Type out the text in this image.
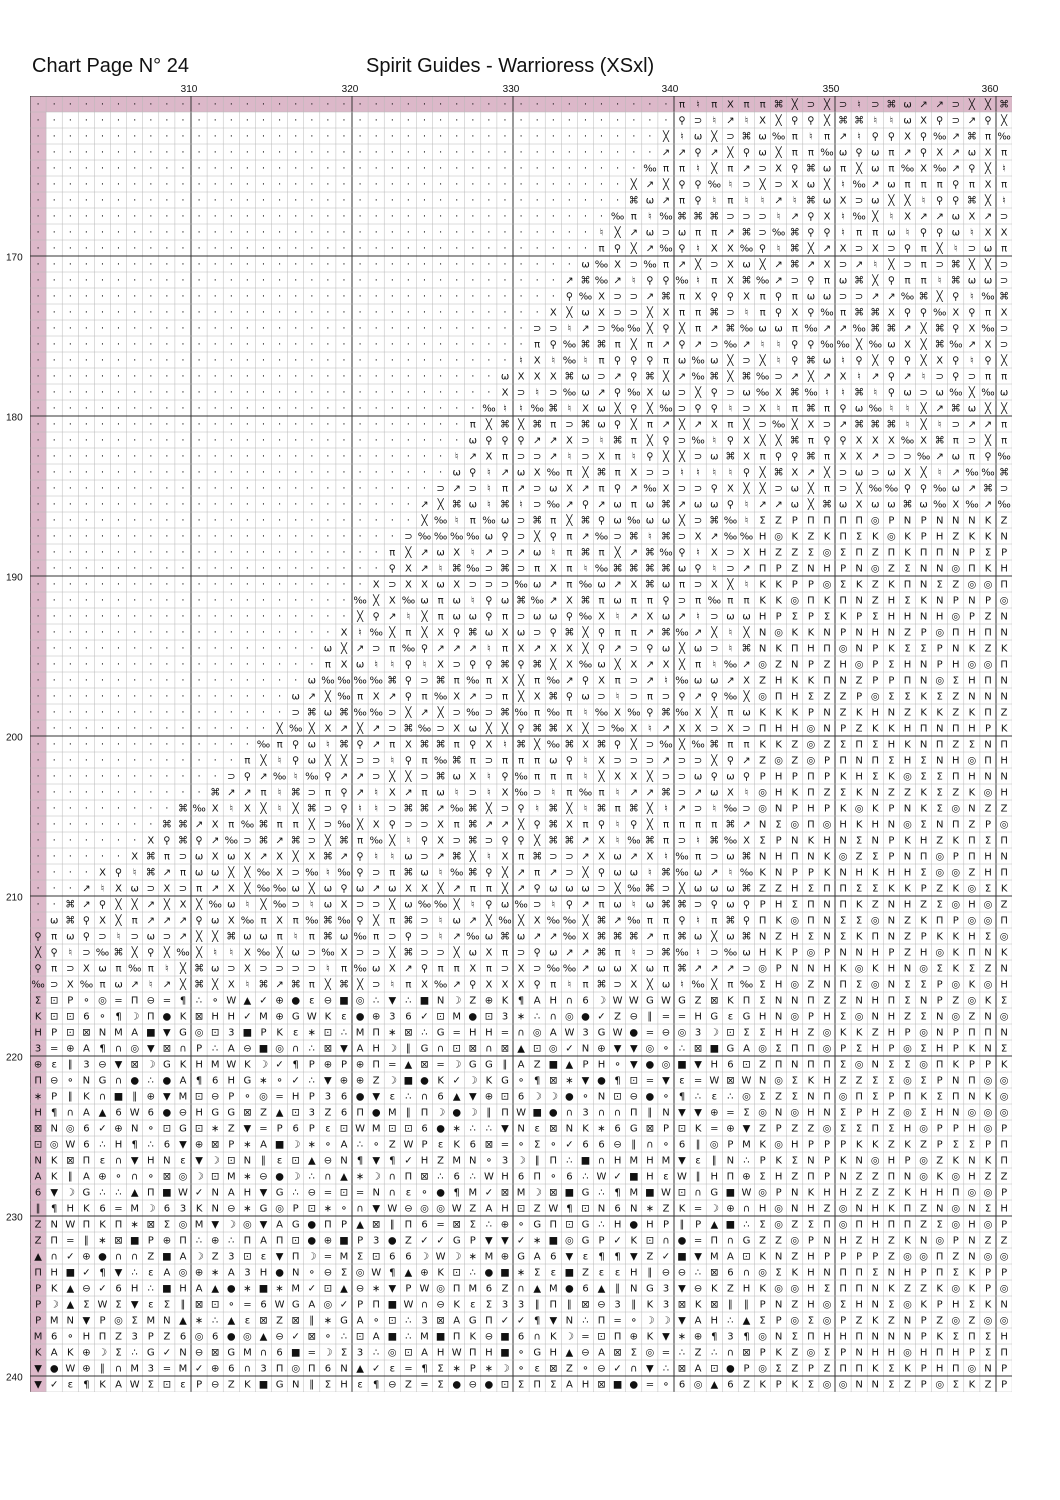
Chart Page N° 24	Spirit Guides - Warrioress (XSxl)
310	320	330	340	350	360
170
180
190
200
210
220
230
240
· · · · · · · · · · · · · · · · · · · · · · · · · · · · · · · · · · · · · · · · π ♮ π Χ π π ⌘ ╳ ⊃ ╳ ⊃ ♮ ⊃ ⌘ ω ↗ ↗ ⊃ ╳ ╳ ⌘
· · · · · · · · · · · · · · · · · · · · · · · · · · · · · · · · · · · · · · · · ⚲ ⊃ ♮ ↗ ♮ Χ ╳ ⚲ ⚲ ╳ ⌘ ⌘ ♮ ♮ ω Χ ⚲ ⊃ ↗ ⚲ ╳
· · · · · · · · · · · · · · · · · · · · · · · · · · · · · · · · · · · · · · · ╳ ♮ ω ╳ ⊃ ⌘ ω ‰ π ♮ π ↗ ♮ ⚲ ⚲ Χ ⚲ ‰ ↗ ⌘ π ‰
· · · · · · · · · · · · · · · · · · · · · · · · · · · · · · · · · · · · · · · ↗ ↗ ⚲ ↗ ╳ ⚲ ω ╳ π π ‰ ω ⚲ ω π ↗ ⚲ Χ ↗ ω Χ π
· · · · · · · · · · · · · · · · · · · · · · · · · · · · · · · · · · · · · · ‰ π π ♮ ╳ π ↗ ⊃ Χ ⚲ ⌘ ω π ╳ ω π ‰ Χ ‰ ↗ ⚲ ╳ ♮
· · · · · · · · · · · · · · · · · · · · · · · · · · · · · · · · · · · · · ╳ ↗ ╳ ⚲ ⚲ ‰ ♮ ⊃ ╳ ⊃ Χ ω ╳ ♮ ‰ ↗ ω π π π ⚲ π Χ π
· · · · · · · · · · · · · · · · · · · · · · · · · · · · · · · · · · · · · ⌘ ω ↗ π ⚲ ♮ π ♮ ♮ ↗ ♮ ⌘ ω Χ ⊃ ω ╳ ╳ ♮ ⚲ ⚲ ⌘ ╳ ♮
· · · · · · · · · · · · · · · · · · · · · · · · · · · · · · · · · · · · ‰ π ♮ ‰ ⌘ ⌘ ⌘ ⊃ ⊃ ⊃ ♮ ↗ ⚲ Χ ♮ ‰ ╳ ♮ Χ ↗ ↗ ω Χ ↗ ⊃
· · · · · · · · · · · · · · · · · · · · · · · · · · · · · · · · · · · ♮ ╳ ↗ ω ⊃ ω π π ↗ ⌘ ⊃ ‰ ⌘ ⚲ ⚲ ♮ π π ω ♮ ⚲ ⚲ ω ♮ Χ Χ
· · · · · · · · · · · · · · · · · · · · · · · · · · · · · · · · · · · π ⚲ ╳ ↗ ‰ ⚲ ♮ Χ Χ ‰ ⚲ ♮ ⌘ ╳ ↗ Χ ⊃ Χ ⊃ ⚲ π ╳ ♮ ⊃ ω π
· · · · · · · · · · · · · · · · · · · · · · · · · · · · · · · · · · ω ‰ Χ ⊃ ‰ π ↗ ╳ ⊃ Χ ω ╳ ↗ ⌘ ↗ Χ ⊃ ↗ ♮ ╳ ⊃ π ⊃ ⌘ ╳ ╳ ⊃
· · · · · · · · · · · · · · · · · · · · · · · · · · · · · · · · · ↗ ⌘ ‰ ↗ ♮ ⚲ ⚲ ‰ ♮ π Χ ⌘ ‰ ↗ ⊃ ⚲ π ω ⌘ ╳ ⚲ π π ♮ ⌘ ω ω ⊃
· · · · · · · · · · · · · · · · · · · · · · · · · · · · · · · · · ⚲ ‰ Χ ⊃ ⊃ ↗ ⌘ π Χ ⚲ ⚲ Χ π ⚲ π ω ω ⊃ ⊃ ↗ ↗ ‰ ⌘ ╳ ⚲ ♮ ‰ ⌘
· · · · · · · · · · · · · · · · · · · · · · · · · · · · · · · · Χ ╳ ω Χ ⊃ ⊃ ╳ Χ π π ⌘ ⊃ ♮ π ⚲ Χ ⚲ ‰ π ⌘ ⌘ Χ ⚲ ⚲ ‰ Χ ⚲ π Χ
· · · · · · · · · · · · · · · · · · · · · · · · · · · · · · · ⊃ ⊃ ♮ ↗ ⊃ ‰ ‰ ╳ ⚲ ╳ π ↗ ⌘ ‰ ω ω π ‰ ↗ ↗ ‰ ⌘ ⌘ ↗ ╳ ⌘ ⚲ Χ ‰ ⊃
· · · · · · · · · · · · · · · · · · · · · · · · · · · · · · · π ⚲ ‰ ⌘ ⌘ π ╳ π ↗ ⚲ ↗ ⊃ ‰ ↗ ♮ ♮ ⚲ ⚲ ‰ ‰ ╳ ‰ ω Χ ╳ ⌘ ‰ ↗ Χ ⊃
· · · · · · · · · · · · · · · · · · · · · · · · · · · · · · ♮ Χ ♮ ‰ ♮ π ⚲ ⚲ ⚲ π ω ‰ ω ╳ ⊃ ╳ ♮ ⚲ ⌘ ω ♮ ⚲ ╳ ⚲ ⚲ ╳ Χ ⚲ ♮ ⚲ ╳
· · · · · · · · · · · · · · · · · · · · · · · · · · · · · ω Χ Χ Χ ⌘ ω ⊃ ↗ ⚲ ⌘ ╳ ↗ ‰ ⌘ ╳ ⌘ ‰ ⊃ ↗ ╳ ↗ Χ ♮ ↗ ⚲ ↗ ♮ ⊃ ⚲ ⊃ π π
· · · · · · · · · · · · · · · · · · · · · · · · · · · · · Χ ⊃ ♮ ⊃ ‰ ω ↗ ⚲ ‰ Χ ω ⊃ ╳ ⚲ ⊃ ω ‰ Χ ⌘ ‰ ♮ ♮ ⌘ ♮ ⚲ ω ⊃ ω ‰ ╳ ‰ ω
· · · · · · · · · · · · · · · · · · · · · · · · · · · · ‰ ♮ ♮ ‰ ⌘ ♮ Χ ω ╳ ⚲ ╳ ‰ ⊃ ⚲ ⚲ ♮ ⊃ Χ ♮ π ⌘ π ⚲ ω ‰ ♮ ♮ ╳ ↗ ⌘ ω ╳ ╳
· · · · · · · · · · · · · · · · · · · · · · · · · · · π ╳ ⌘ ╳ ⌘ π ⊃ ⌘ ω ⚲ ╳ π ↗ ╳ ↗ Χ π ╳ ⊃ ‰ ╳ Χ ⊃ ↗ ⌘ ⌘ ⌘ ♮ ╳ ♮ ⊃ ↗ ↗ π
· · · · · · · · · · · · · · · · · · · · · · · · · · · ω ⚲ ⚲ ⚲ ↗ ↗ Χ ⊃ ♮ ⌘ π ╳ ⚲ ⊃ ‰ ♮ ⚲ Χ ╳ ╳ ⌘ π ⚲ ⚲ Χ Χ Χ ‰ Χ ⌘ π ⊃ ╳ π
· · · · · · · · · · · · · · · · · · · · · · · · · · ♮ ↗ Χ π ⊃ ⊃ ↗ ♮ ⊃ Χ π ♮ ⚲ ╳ ╳ ⊃ ω ⌘ Χ π ⚲ ⚲ ⌘ π Χ Χ ↗ ⊃ ⊃ ‰ ↗ ω π ⚲ ‰
· · · · · · · · · · · · · · · · · · · · · · · · · · ω ⚲ ♮ ↗ ω Χ ‰ π ╳ ⌘ π Χ ⊃ ⊃ ♮ ♮ ♮ ♮ ⚲ ╳ ⌘ Χ ↗ ╳ ⊃ ω ⊃ ω Χ ╳ ♮ ↗ ‰ ‰ ⌘
· · · · · · · · · · · · · · · · · · · · · · · · · ⊃ ↗ ⊃ ♮ π ↗ ⊃ ω Χ ↗ π ⚲ ↗ ‰ Χ ⊃ ⊃ ⚲ Χ ╳ ╳ ⊃ ω ╳ π ⊃ ╳ ‰ ‰ ⚲ ⚲ ‰ ω ↗ ⌘ ⊃
· · · · · · · · · · · · · · · · · · · · · · · · ↗ ╳ ⌘ ω ♮ ⌘ ♮ ⊃ ‰ ↗ ⚲ ↗ ω π ω ⌘ ↗ ω ω ⚲ ♮ ↗ ↗ ω ╳ ⌘ ω Χ ω ω ⌘ ω ‰ Χ ‰ ↗ ‰
· · · · · · · · · · · · · · · · · · · · · · · · ╳ ‰ ♮ π ‰ ω ⊃ ⌘ π ╳ ⌘ ⚲ ω ‰ ω ω ╳ ⊃ ⌘ ‰ ♮ Σ Ζ Ρ Π Π Π Π ◎ Ρ Ν Ρ Ν Ν Ν Κ Ζ
· · · · · · · · · · · · · · · · · · · · · · · ⊃ ‰ ‰ ‰ ‰ ω ⚲ ⊃ ╳ ⚲ π ↗ ‰ ⊃ ⌘ ♮ ⌘ ⊃ Χ ↗ ‰ ‰ Η ◎ Κ Ζ Κ Π Σ Κ ◎ Κ Ρ Η Ζ Κ Κ Ν
· · · · · · · · · · · · · · · · · · · · · · π ╳ ↗ ω Χ ♮ ↗ ⊃ ↗ ω ♮ π ⌘ π ╳ ↗ ⌘ ‰ ⚲ ♮ Χ ⊃ Χ Η Ζ Ζ Σ ◎ Σ Π Ζ Π Κ Π Π Ν Ρ Σ Ρ
· · · · · · · · · · · · · · · · · · · · · · ⚲ Χ ↗ ♮ ⌘ ‰ ⊃ ⌘ ⊃ π Χ π ♮ ‰ ⌘ ⌘ ⌘ ⌘ ω ⚲ ♮ ⊃ ↗ Π Ρ Ζ Ν Η Ρ Ν ◎ Ζ Σ Ν Ν ◎ Π Κ Η
· · · · · · · · · · · · · · · · · · · · · Χ ⊃ Χ Χ ω Χ ⊃ ⊃ ⊃ ‰ ω ↗ π ‰ ω ↗ Χ ⌘ ω π ⊃ Χ ╳ ♮ Κ Κ Ρ Ρ ◎ Σ Κ Ζ Κ Π Ν Σ Ζ ◎ ◎ Π
· · · · · · · · · · · · · · · · · · · · ‰ ╳ Χ ‰ ω π ω ♮ ⚲ ω ⌘ ‰ ↗ Χ ⌘ π ω π π ⚲ ⊃ π ‰ π π Κ Κ ◎ Π Κ Π Ν Ζ Η Σ Κ Ν Ρ Ν Ρ ◎
· · · · · · · · · · · · · · · · · · · · ╳ ⚲ ↗ ♮ ╳ π ω ω ⚲ π ⊃ ω ω ⚲ ‰ Χ ♮ ↗ Χ ω ↗ ♮ ⊃ ω ω Η Ρ Σ Ρ Σ Κ Ρ Σ Η Η Ν Η ◎ Ρ Ζ Ν
· · · · · · · · · · · · · · · · · · · Χ ♮ ‰ ╳ π ╳ Χ ⚲ ⌘ ω Χ ω ⊃ ⚲ ⌘ ╳ ⚲ π π ↗ ⌘ ‰ ↗ ╳ ♮ ╳ Ν ◎ Κ Κ Ν Ρ Ν Η Ν Ζ Ρ ◎ Π Η Π Ν
· · · · · · · · · · · · · · · · · · ω ╳ ↗ ⊃ π ‰ ⚲ ↗ ↗ ↗ ♮ π Χ ↗ Χ Χ ╳ ⚲ ↗ ⊃ ⚲ ω ╳ ω ⊃ ♮ ⌘ Ν Κ Π Η Π ◎ Ν Ρ Κ Σ Σ Ρ Ν Κ Ζ Κ
· · · · · · · · · · · · · · · · · · π Χ ω ♮ ♮ ⚲ ♮ Χ ⊃ ⚲ ⚲ ⌘ ⚲ ⌘ ╳ Χ ‰ ω ╳ Χ ↗ Χ ╳ π ♮ ‰ ↗ ◎ Ζ Ν Ρ Ζ Η ◎ Ρ Σ Η Ν Ρ Η ◎ ◎ Π
· · · · · · · · · · · · · · · · · ω ‰ ‰ ‰ ‰ ⌘ ⚲ ⊃ ⌘ π ‰ π Χ ╳ π ‰ ↗ ⚲ Χ π ⊃ ↗ ♮ ‰ ω ω ↗ Χ Ζ Η Κ Κ Π Ν Ζ Ρ Ρ Π Ν ◎ Σ Η Π Ν
· · · · · · · · · · · · · · · · ω ↗ ╳ ‰ π Χ ↗ ⚲ π ‰ Χ ↗ ⊃ π ╳ Χ ⌘ ⚲ ω ⊃ ♮ ⊃ π ⊃ ⚲ ↗ ⚲ ‰ ╳ ◎ Π Η Σ Ζ Ζ Ρ ◎ Σ Σ Κ Σ Ζ Ν Ν Ν
· · · · · · · · · · · · · · · · ⊃ ⌘ ω ⌘ ‰ ‰ ⊃ ╳ ↗ ╳ ⊃ ‰ ⊃ ⌘ ‰ π ‰ π ♮ ‰ Χ ‰ ⚲ ⌘ ‰ Χ ╳ π ω Κ Κ Κ Ρ Ν Ζ Κ Η Ν Ζ Κ Κ Ζ Κ Π Ζ
· · · · · · · · · · · · · · · ╳ ‰ ╳ Χ ↗ ╳ ↗ ⊃ ⌘ ‰ ⊃ Χ ω ╳ ╳ ⚲ ⌘ ⌘ Χ ╳ ⊃ ‰ Χ ♮ ↗ Χ Χ ⊃ Χ ⊃ Π Η Η ◎ Ν Ρ Ζ Κ Κ Η Π Ν Π Η Ρ Κ
· · · · · · · · · · · · · · ‰ π ⚲ ω ♮ ⌘ ⚲ ↗ π Χ ⌘ ⌘ π ⚲ Χ ♮ ⌘ ╳ ‰ ⌘ Χ ⌘ ⚲ ╳ ⊃ ‰ ╳ ‰ ⌘ π π Κ Κ Ζ ◎ Ζ Σ Π Σ Η Κ Ν Π Ζ Σ Ν Π
· · · · · · · · · · · · · π ╳ ♮ ⚲ ω ╳ ╳ ⊃ ⊃ ♮ ⚲ π ‰ ⌘ π ⊃ π π π ω ⚲ ♮ Χ ⊃ ⊃ ⊃ ↗ ⊃ ⊃ ╳ ⚲ ↗ Ζ ◎ Ζ ◎ Ρ Π Ν Π Σ Η Σ Ν Η ◎ Π Η
· · · · · · · · · · · · ⊃ ⚲ ↗ ‰ ♮ ‰ ⚲ ↗ ↗ ⊃ ╳ ╳ ⊃ ⌘ ω Χ ♮ ⚲ ‰ π π π ♮ ╳ Χ Χ ╳ ⊃ ⊃ ω ⚲ ω ⚲ Ρ Η Ρ Π Ρ Κ Η Σ Κ ◎ Σ Σ Π Η Ν Ν
· · · · · · · · · · · ⌘ ↗ ↗ π ♮ ⌘ ⊃ π ⚲ ↗ ♮ Χ ↗ π ω ♮ ⊃ ♮ Χ ‰ ⊃ ♮ π ‰ π ♮ ↗ ↗ ⌘ ⊃ ↗ ω Χ ♮ ◎ Η Κ Π Ζ Σ Κ Ν Ζ Ζ Κ Σ Ζ Κ ◎ Η
· · · · · · · · · ⌘ ‰ Χ ♮ Χ ╳ ♮ ╳ ⌘ ⊃ ⚲ ♮ ♮ ⊃ ⌘ ⌘ ↗ ‰ ⌘ ╳ ⊃ ⚲ ♮ ⌘ ╳ ♮ ⌘ π ⌘ ╳ ♮ ↗ ⊃ ♮ ‰ ⊃ ◎ Ν Ρ Η Ρ Κ ◎ Κ Ρ Ν Κ Σ ◎ Ν Ζ Ζ
· · · · · · · · ⌘ ⌘ ↗ Χ π ‰ ⌘ π π ╳ ⊃ ‰ ╳ Χ ⚲ ⊃ ⊃ Χ π ⌘ ↗ ↗ ╳ ⚲ ⌘ Χ π ⚲ ♮ ⚲ ╳ π π π π ⌘ ↗ Ν Σ ◎ Π ◎ Η Κ Η Ν ◎ Σ Ν Π Ζ Ρ ◎
· · · · · · · Χ ⚲ ⌘ ⚲ ↗ ‰ ⊃ ⌘ ↗ ⌘ ⊃ ╳ ⌘ π ‰ ╳ ♮ ⚲ Χ ⊃ ⌘ ⊃ ⚲ ⚲ ╳ ⌘ ⌘ ↗ Χ ♮ ‰ ⌘ π ⊃ ♮ ⌘ ‰ Χ Σ Ρ Ν Κ Η Ν Σ Ν Ρ Κ Η Ζ Κ Π Σ Π
· · · · · · Χ ⌘ π ⊃ ω Χ ω Χ ↗ Χ ╳ Χ ⌘ ↗ ⚲ ♮ ♮ ω ⊃ ↗ ⌘ ╳ ♮ Χ π ⌘ ⊃ ⊃ ↗ Χ ω ↗ Χ ♮ ‰ π ⊃ ω ⌘ Ν Η Π Ν Κ ◎ Ζ Σ Ρ Ν Π ◎ Ρ Π Η Ν
· · · · Χ ⚲ ♮ ⌘ ↗ π ω ω ╳ ╳ ‰ Χ ⊃ ‰ ♮ ‰ ⚲ ⊃ π ⌘ ω ♮ ‰ ⌘ ⚲ ╳ ↗ π ↗ ⊃ ╳ ⚲ ω ω ♮ ⌘ ‰ ω ↗ ♮ ‰ Κ Ν Ρ Ρ Κ Ν Η Κ Η Η Σ ◎ ◎ Ζ Η Π
· · · ↗ ♮ Χ ω ⊃ Χ ⊃ π ↗ Χ ╳ ‰ ‰ ω ╳ ω ⚲ ω ↗ ω Χ Χ ╳ ↗ π π ╳ ↗ ⚲ ω ω ω ⊃ ╳ ‰ ⌘ ⊃ ╳ ω ω ω ⌘ Ζ Ζ Η Σ Π Π Σ Σ Κ Κ Ρ Ζ Κ ◎ Σ Κ
· · ⌘ ↗ ⚲ ╳ ╳ ↗ ╳ Χ ╳ ‰ ω ♮ ╳ ‰ ⊃ ♮ ω Χ ⊃ ⊃ ╳ ω ‰ ‰ ╳ ♮ ⚲ ω ‰ ⊃ ♮ ⚲ ↗ π ω ♮ ω ⌘ ⌘ ⊃ ⚲ ω ⚲ Ρ Η Σ Π Ν Π Κ Ζ Ν Η Ζ Σ ◎ Η ◎ Ζ
· ω ⌘ ⚲ Χ ╳ π ↗ ↗ ↗ ⚲ ω Χ ‰ π Χ π ‰ ⌘ ‰ ⚲ ╳ π ⌘ ⊃ ♮ ω ↗ ╳ ‰ ╳ Χ ‰ ‰ ╳ ⌘ ↗ ‰ π π ⚲ ♮ π ⌘ ⚲ Π Κ ◎ Π Ν Σ Σ ◎ Ν Ζ Κ Π Ρ ◎ ◎ Π
⚲ π ω ⚲ ⊃ ♮ ⊃ ω ⊃ ↗ ╳ ╳ ⌘ ω ω π ♮ π ⌘ ω ‰ π ⊃ ⚲ ⊃ ♮ ↗ ‰ ω ⌘ ω ↗ ↗ ‰ Χ ⌘ ⌘ ⌘ ↗ π ⌘ ω ╳ ω ⌘ Ν Ζ Η Σ Ν Σ Κ Π Ν Ζ Ρ Κ Κ Η Σ ◎
╳ ⚲ ♮ ⊃ ‰ ⌘ ╳ ⚲ ╳ ‰ ╳ ♮ ♮ Χ ‰ ╳ ω ⊃ ‰ Χ ⊃ ⊃ ╳ ⌘ ⊃ ⊃ ╳ ω Χ π ⊃ ⚲ ω ↗ ↗ ⌘ π ♮ ⊃ ⌘ ‰ ♮ ⊃ ‰ ω Η Κ Ρ ◎ Ρ Ν Ν Η Ρ Ζ Η ◎ Κ Π Ν Κ
⚲ π ⊃ Χ ω π ‰ π ♮ ╳ ⌘ ω ⊃ Χ ⊃ ⊃ ⊃ ⊃ ♮ π ‰ ω Χ ↗ ⚲ π π Χ π ⊃ Χ ⊃ ‰ ‰ ↗ ω ω Χ ω π ⌘ ↗ ↗ ↗ ⊃ ◎ Ρ Ν Ν Η Κ ◎ Κ Η Ν ◎ Σ Κ Σ Ζ Ν
‰ ⊃ Χ ‰ π ω ↗ ♮ ↗ ╳ ⌘ ╳ Χ ♮ ⌘ ↗ ⌘ π ╳ ⌘ ╳ ⊃ ♮ π Χ ‰ ↗ ⚲ Χ Χ Χ ⚲ π ♮ π ⌘ ⊃ Χ ╳ ω ♮ ‰ ╳ π ‰ Σ Η ◎ Ζ Ν Π Σ ◎ Ν Σ Σ Ρ ◎ Κ ◎ Η
Σ ⊡ Ρ ⚬ ◎ = Π ⊖ = ¶ ∴ ⚬ W ▲ ✓ ⊕ ● ε ⊖ ■ ◎ ∴ ▼ ∴ ■ Ν ☽ Ζ ⊕ Κ ¶ A Η ∩ 6 ☽ W W G W G Ζ ⊠ Κ Π Σ Ν Ν Π Ζ Ζ Ν Η Π Σ Ν Ρ Ζ ◎ Κ Σ
Κ ⊡ ⊡ 6 ⚬ ¶ ☽ Π ● Κ ⊠ Η Η ✓ M ⊕ G W Κ ε ● ⊕ 3 6 ✓ ⊡ M ● ⊡ 3 ∗ ∴ ∩ ◎ ● ✓ Ζ ⊖ ∥ = = Η G ε G Η Ν ◎ Ρ Η Σ ◎ Ν Η Ζ Σ Ν ◎ Ζ Ν ◎
Η Ρ ⊡ ⊠ Ν M A ■ ▼ G ◎ ⊡ 3 ■ Ρ Κ ε ∗ ⊡ ∴ M Π ∗ ⊠ ∴ G = Η Η = ∩ ◎ A W 3 G W ● = ⊖ ◎ 3 ☽ ⊡ Σ Σ Η Η Ζ ◎ Κ Κ Ζ Η Ρ ◎ Ν Ρ Π Π Ν
3 = ⊕ A ¶ ∩ ◎ ▼ ⊠ ∩ Ρ ∴ A ⊖ ■ ◎ ∩ ∴ ⊠ ▼ A Η ☽ ∥ G ∩ ⊡ ⊠ ∩ ⊠ ▲ ⊡ ◎ ✓ Ν ⊕ ▼ ▼ ◎ ⚬ ∴ ⊠ ■ G A ◎ Σ Π Π ◎ Ρ Σ Η Ρ ◎ Σ Η Ρ Κ Ν Σ
⊕ ε ∥ 3 ⊖ ▼ ⊠ ☽ G Κ Η M W Κ ☽ ✓ ¶ Ρ ⊕ Ρ ⊕ Π = ▲ ⊠ = ☽ G G ∥ A Ζ ■ ▲ Ρ Η ⚬ ▼ ● ◎ ■ ▼ Η 6 ⊡ Ζ Π Ν Π Π Σ ◎ Ν Σ Σ ◎ Π Κ Ρ Ρ Κ
Π ⊖ ⚬ Ν G ∩ ● ∴ ● A ¶ 6 Η G ∗ ⚬ ✓ ∴ ▼ ⊕ ⊕ Ζ ☽ ■ ● Κ ✓ ☽ Κ G ⚬ ¶ ⊠ ∗ ▼ ● ¶ ⊡ = ▼ ε = W ⊠ W Ν ◎ Σ Κ Η Ζ Ζ Σ Σ ◎ Σ Ρ Ν Π ◎ ◎
∗ Ρ ∥ Κ ∩ ■ ∥ ⊕ ▼ M ⊡ ⊖ Ρ ⚬ ◎ = Η Ρ 3 6 ● ▼ ε ∴ ∩ 6 ▲ ▼ ⊕ ⊡ 6 ☽ ☽ ● ⚬ Ν ⊡ ⊖ ● ⚬ ¶ ∴ ε ∴ ◎ Σ Ζ Σ Ν Π ◎ Π Σ Ρ Π Κ Σ Π Ν Κ ◎
Η ¶ ∩ A ▲ 6 W 6 ● ⊖ Η G G ⊠ Ζ ▲ ⊡ 3 Ζ 6 Π ● M ∥ Π ☽ ● ☽ ∥ Π W ■ ● ∩ 3 ∩ ∩ Π ∥ Ν ▼ ▼ ⊕ = Σ ◎ Ν ◎ Η Ν Σ Ρ Η Ζ ◎ Σ Η Ν ◎ ◎ ◎
⊠ Ν ◎ 6 ✓ ⊕ Ν ⚬ ⊡ G ⊡ ∗ Ζ ▼ = Ρ 6 Ρ ε ⊡ W M ⊡ ⊡ 6 ● ∗ ∴ ∴ ▼ Ν ε ⊠ Ν Κ ∗ 6 G ⊠ Ρ ⊡ Κ = ⊕ ▼ Ζ Ρ Ζ Ζ ◎ Σ Σ Π Σ Η ◎ Ρ Ρ Η ◎ Ρ
⊡ ◎ W 6 ∴ Η ¶ ∴ 6 ▼ ⊕ ⊠ Ρ ∗ A ■ ☽ ∗ ⚬ A ∴ ⚬ Ζ W Ρ ε Κ 6 ⊠ = ⚬ Σ ⚬ ✓ 6 6 ⊖ ∥ ∩ ⚬ 6 ∥ ◎ Ρ M Κ ◎ Η Ρ Ρ Ρ Κ Κ Ζ Κ Ζ Ρ Σ Σ Ρ Π
Ν Κ ⊠ Π ε ∩ ▼ Η Ν ε ▼ ☽ ⊡ Ν ∥ ε ⊡ ▲ ⊖ Ν ¶ ▼ ¶ ✓ Η Ζ M Ν ⚬ 3 ☽ ∥ Π ∴ ■ ∩ Η M Η M ▼ ε ∥ Ν ∴ Ρ Κ Σ Ν Ρ Κ Ν ◎ Η Ρ ◎ Ζ Κ Ν Κ Π
A Κ ∥ A ⊕ ⚬ ∩ ⚬ ⊠ ◎ ☽ ⊡ M ∗ ⊖ ● ☽ ∴ ∩ ▲ ∗ ☽ ∩ Π ⊠ ∴ 6 ∴ W Η 6 Π ⚬ 6 ∴ W ✓ ■ Η ε W ∥ Η Π ⊕ Σ Η Ζ Π Ρ Ν Ζ Ζ Π Ν ◎ Κ ◎ Η Ζ Ζ
6 ▼ ☽ G ∴ ∴ ▲ Π ■ W ✓ Ν A Η ▼ G ∴ ⊖ = ⊡ = Ν ∩ ε ⚬ ● ¶ M ✓ ⊠ M ☽ ⊠ ■ G ∴ ¶ M ■ W ⊡ ∩ G ■ W ◎ Ρ Ν Κ Η Η Ζ Ζ Ζ Κ Η Η Π ◎ ◎ Ρ
∥ ¶ Η Κ 6 = M ☽ 6 3 Κ Ν ⊖ ∗ G ◎ Ρ ⊡ ∗ ⚬ ∩ ▼ W ⊖ ◎ ◎ W Ζ A Η ⊡ Ζ W ¶ ⊡ Ν 6 Ν ∗ Ζ Κ = ☽ ⊕ ∩ Η ◎ Ν Η Ζ ◎ Ν Η Κ Π Ζ Ν ◎ Ν Σ Η
Ζ Ν W Π Κ Π ∗ ⊠ Σ ◎ M ▼ ☽ ◎ ▼ A G ● Π Ρ ▲ ⊠ ∥ Π 6 = ⊠ Σ ∴ ⊕ ⚬ G Π ⊡ G ∴ Η ● Η Ρ ∥ Ρ ▲ ■ ∴ Σ ◎ Ζ Σ Π ◎ Π Η Π Π Ζ Σ ◎ Η ◎ Ρ
Ζ Π = ∥ ∗ ⊠ ■ Ρ ⊕ Π ∴ ⊕ ∴ Π A Π ⊡ ● ⊕ ■ Ρ 3 ● Ζ ✓ ✓ G Ρ ▼ ▼ ✓ ∗ ■ ◎ G Ρ ✓ Κ ⊡ ∩ ● = Π ∩ G Ζ Ζ ◎ Ρ Ν Η Ζ Η Ζ Κ Ν ◎ Ρ Ν Ζ Ζ
▲ ∩ ✓ ⊕ ● ∩ ∩ Ζ ■ A ☽ Ζ 3 ⊡ ε ▼ Π ☽ = M Σ ⊡ 6 6 ☽ W ☽ ∗ M ⊕ G A 6 ▼ ε ¶ ¶ ▼ Ζ ✓ ■ ▼ M A ⊡ Κ Ν Ζ Η Ρ Ρ Ρ Ρ Ζ ◎ ◎ Π Ζ Ν ◎ ◎
Π Η ■ ✓ ¶ ▼ ∴ ε A ◎ ⊕ ∗ A 3 Η ● Ν ⚬ ⊖ Σ ◎ W ¶ ▲ ⊕ Κ ⊡ ∴ ● ■ ∗ Σ ε ■ Ζ ε ε Η ∥ ⊖ ⊖ ∴ ⊠ 6 ∩ ◎ Σ Κ Η Ν Π Π Σ Ν Η Ρ Π Σ Κ Ρ Ρ
Ρ Κ ▲ ⊖ ✓ 6 Η ∴ ■ Η A ▲ ● ∗ ■ ∗ M ✓ ⊡ ▲ ⊖ ∗ ▼ Ρ W ◎ Π M 6 Ζ ∩ ▲ M ● 6 ▲ ∥ Ν G 3 ▼ ⊖ Κ Ζ Η Κ ◎ ◎ Η Σ Π Π Ν Κ Ζ Ζ Κ ◎ Κ Ρ ◎
Ρ ☽ ▲ Σ W Σ ▼ ε Σ ∥ ⊠ ⊡ ⚬ = 6 W G A ◎ ✓ Ρ Π ■ W ∩ ⊖ Κ ε Σ 3 3 ∥ Π ∥ ⊠ ⊖ 3 ∥ Κ 3 ⊠ Κ ⊠ ∥ ∥ Ρ Ν Ζ Η ◎ Σ Η Ν Σ ◎ Κ Ρ Η Σ Κ Ν
Ρ M Ν ▼ Ρ ◎ Σ M Ν ▲ ∗ ∴ ▲ ε ⊠ Ζ ⊠ ∥ ∗ G A ⚬ ⊡ ∴ 3 ⊠ A G Π ✓ ✓ ¶ ▼ Ν ∴ Π = ⚬ ☽ ☽ ▼ A Η ∴ ▲ Σ Ρ ◎ Σ ◎ Ρ Ζ Κ Ζ Ν Ρ Ζ ◎ Ζ ◎ ◎
M 6 ⚬ Η Π Ζ 3 Ρ Ζ 6 ◎ 6 ● ◎ ▲ ⊖ ✓ ⊠ ⚬ ∴ ⊡ A ■ ∴ M ■ Π Κ ⊖ ■ 6 ∩ Κ ☽ = ⊡ Π ⊕ Κ ▼ ∗ ⊕ ¶ 3 ¶ ◎ Ν Σ Π Η Η Π Ν Ν Ν Ρ Κ Σ Π Σ Η
Κ A Κ ⊕ ☽ Σ ∴ G ✓ Ν ⊖ ⊠ G M ∩ 6 ■ = ☽ Σ 3 ∴ ◎ ⊡ A Η W Π Η ■ ⚬ G Η ▲ ⊖ A ⊠ Σ ◎ = ∴ Ζ ∴ ∩ ⊠ Ρ Κ Ζ ◎ Σ Ρ Ν Η Η ◎ Η Π Η Ρ Σ Π
▼ ● W ⊕ ∥ ∩ M 3 = M ✓ ⊕ 6 ∩ 3 Π ◎ Π 6 Ν ▲ ✓ ε = ¶ Σ ∗ Ρ ∗ ☽ ⚬ ε ⊠ Ζ ⚬ ⊖ ✓ ∩ ▼ ∴ ⊠ A ⊡ ● Ρ ◎ Σ Ζ Ρ Ζ Π Π Κ Σ Κ Ρ Η Π ◎ Ν Ρ
▼ ✓ ε ¶ Κ A W Σ ⊡ ε Ρ ⊖ Ζ Κ ■ G Ν ∥ Σ Η ε ¶ ⊖ Ζ = Σ ● ⊖ ● ⊡ Σ Π Σ A Η ⊠ ■ ● = ⚬ 6 ◎ ▲ 6 Ζ Κ Ρ Κ Σ ◎ ◎ Ν Ν Σ Ζ Ρ ◎ Σ Κ Ζ Ρ
